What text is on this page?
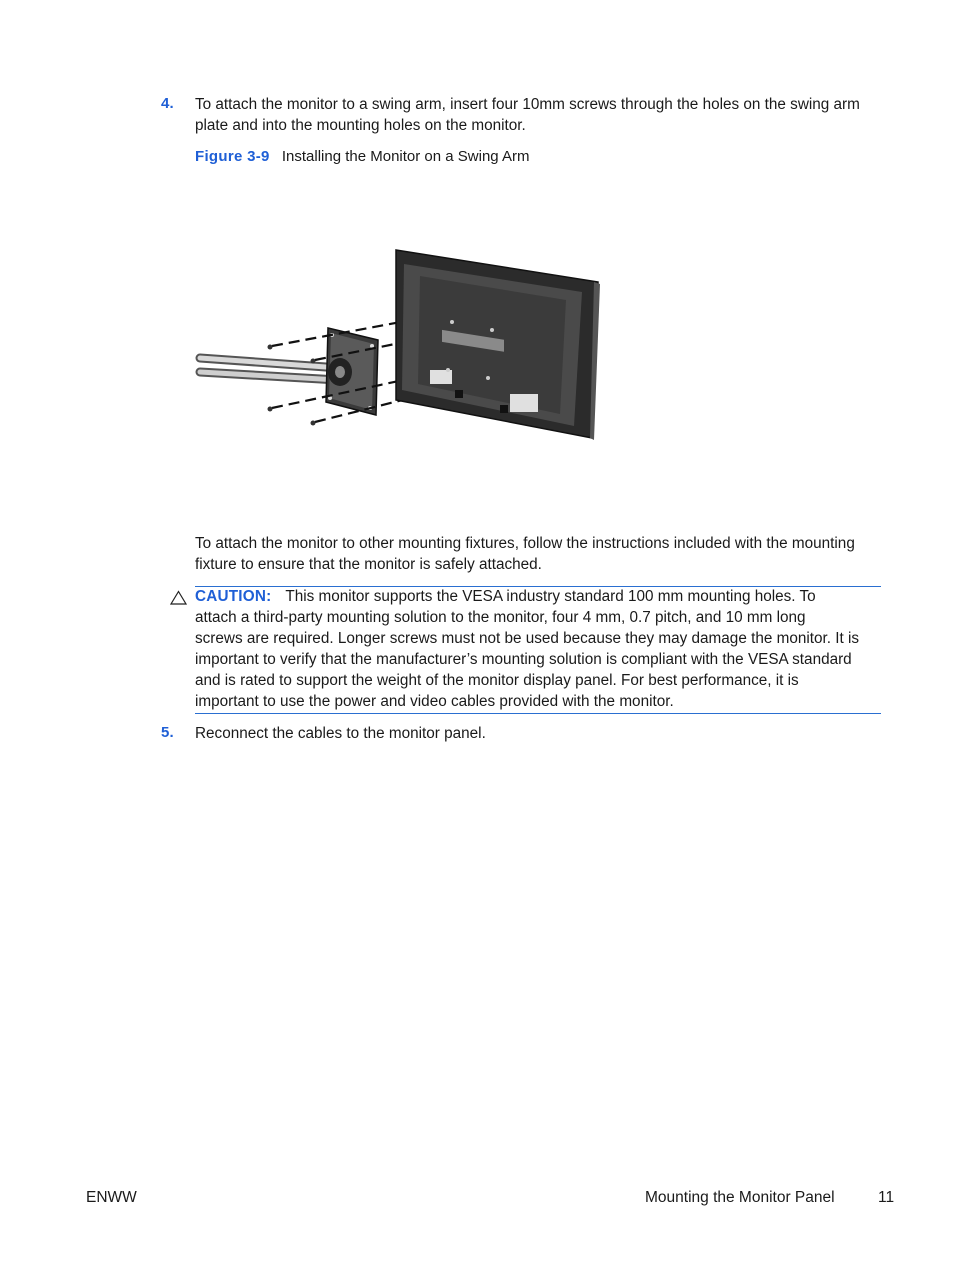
4. To attach the monitor to a swing arm, insert four 10mm screws through the holes on the swing arm
plate and into the mounting holes on the monitor.
Figure 3-9 Installing the Monitor on a Swing Arm
To attach the monitor to other mounting fixtures, follow the instructions included with the mounting
fixture to ensure that the monitor is safely attached.
CAUTION: This monitor supports the VESA industry standard 100 mm mounting holes. To
attach a third-party mounting solution to the monitor, four 4 mm, 0.7 pitch, and 10 mm long
screws are required. Longer screws must not be used because they may damage the monitor. It is
important to verify that the manufacturer’s mounting solution is compliant with the VESA standard
and is rated to support the weight of the monitor display panel. For best performance, it is
important to use the power and video cables provided with the monitor.
5. Reconnect the cables to the monitor panel.
ENWW	Mounting the Monitor Panel	11
